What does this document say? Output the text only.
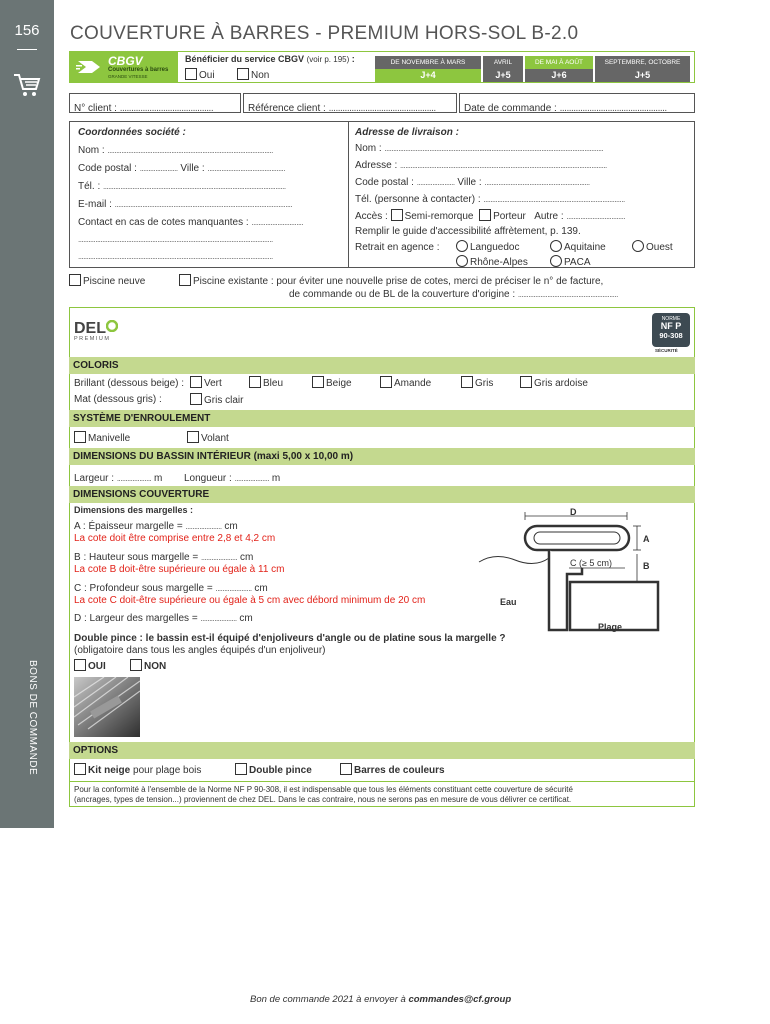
156
BONS DE COMMANDE
COUVERTURE À BARRES - PREMIUM HORS-SOL B-2.0
CBGV
Couvertures à barres
GRANDE VITESSE
Bénéficier du service CBGV (voir p. 195) :
Oui	Non
DE NOVEMBRE À MARS	AVRIL	DE MAI À AOÛT	SEPTEMBRE, OCTOBRE
J+4	J+5	J+6	J+5
N° client : .........................................	Référence client : ...............................................	Date de commande : ...............................................
Coordonnées société :
Nom : ................................................................................................
Code postal : ...................... Ville : .............................................
Tél. : ..........................................................................................................
E-mail : .......................................................................................................
Contact en cas de cotes manquantes : ..............................
.................................................................................................................
.................................................................................................................
Adresse de livraison :
Nom : ...............................................................................................................................
Adresse : ........................................................................................................................
Code postal : ...................... Ville : .............................................................
Tél. (personne à contacter) : ..................................................................................
Accès : Semi-remorque Porteur Autre : ..................................
Remplir le guide d'accessibilité affrètement, p. 139.
Retrait en agence :	Languedoc	Aquitaine	Ouest
Rhône-Alpes	PACA
Piscine neuve	Piscine existante : pour éviter une nouvelle prise de cotes, merci de préciser le n° de facture,
de commande ou de BL de la couverture d'origine : ..........................................................
DEL
PREMIUM
NORME
NF P
90-308
SÉCURITÉ
COLORIS
Brillant (dessous beige) :	Vert	Bleu	Beige	Amande	Gris	Gris ardoise
Mat (dessous gris) :	Gris clair
SYSTÈME D'ENROULEMENT
Manivelle	Volant
DIMENSIONS DU BASSIN INTÉRIEUR (maxi 5,00 x 10,00 m)
Largeur : .................... m Longueur : .................... m
DIMENSIONS COUVERTURE
Dimensions des margelles :
A : Épaisseur margelle = ..................... cm
La cote doit être comprise entre 2,8 et 4,2 cm
B : Hauteur sous margelle = ..................... cm
La cote B doit-être supérieure ou égale à 11 cm
C : Profondeur sous margelle = ..................... cm
La cote C doit-être supérieure ou égale à 5 cm avec débord minimum de 20 cm
D : Largeur des margelles = ..................... cm
D
A
B
C (≥ 5 cm)
Eau
Plage
Double pince : le bassin est-il équipé d'enjoliveurs d'angle ou de platine sous la margelle ?
(obligatoire dans tous les angles équipés d'un enjoliveur)
OUI	NON
OPTIONS
Kit neige pour plage bois	Double pince	Barres de couleurs
Pour la conformité à l'ensemble de la Norme NF P 90-308, il est indispensable que tous les éléments constituant cette couverture de sécurité
(ancrages, types de tension...) proviennent de chez DEL. Dans le cas contraire, nous ne serons pas en mesure de vous délivrer ce certificat.
Bon de commande 2021 à envoyer à commandes@cf.group
